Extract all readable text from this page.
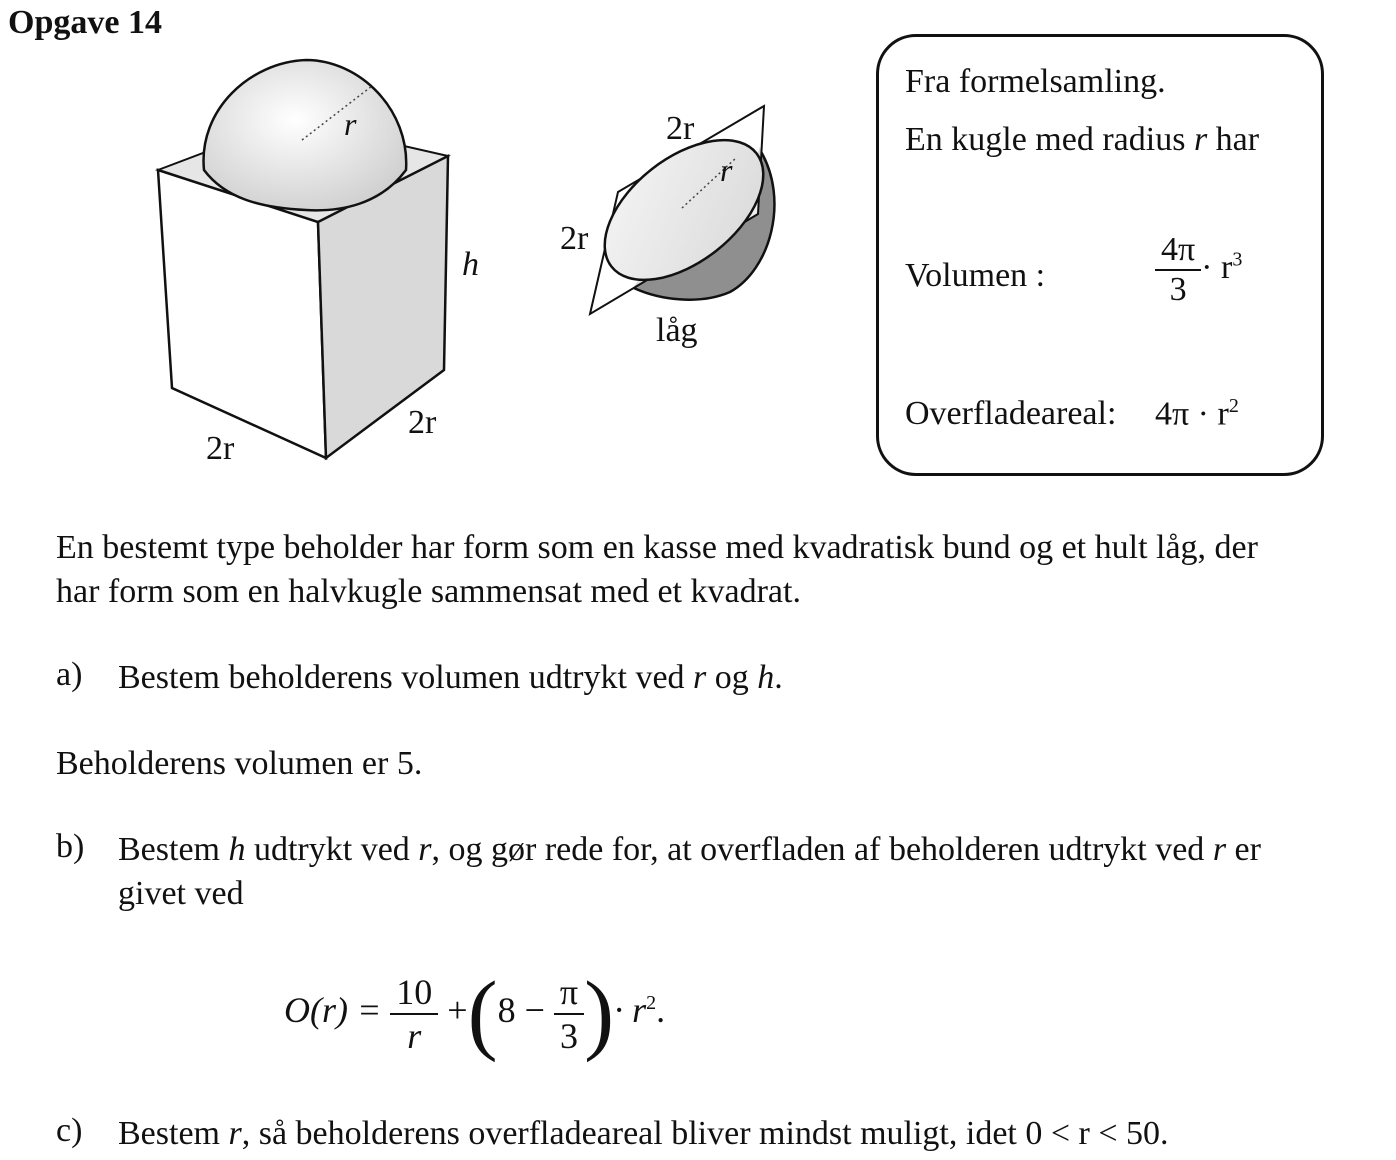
Opgave 14
r
h
2r
2r
2r
2r
r
låg
Fra formelsamling.
En kugle med radius r har
Volumen :	$\frac{4\pi}{3} \cdot r^3$
Overfladeareal: $4\pi \cdot r^2$
En bestemt type beholder har form som en kasse med kvadratisk bund og et hult låg, der
har form som en halvkugle sammensat med et kvadrat.
a) Bestem beholderens volumen udtrykt ved r og h.
Beholderens volumen er 5.
b) Bestem h udtrykt ved r, og gør rede for, at overfladen af beholderen udtrykt ved r er
givet ved
$O(r) = \frac{10}{r} +(8 - \frac{\pi}{3}$ )· $r^2$.
c) Bestem r, så beholderens overfladeareal bliver mindst muligt, idet 0 < r < 50.
